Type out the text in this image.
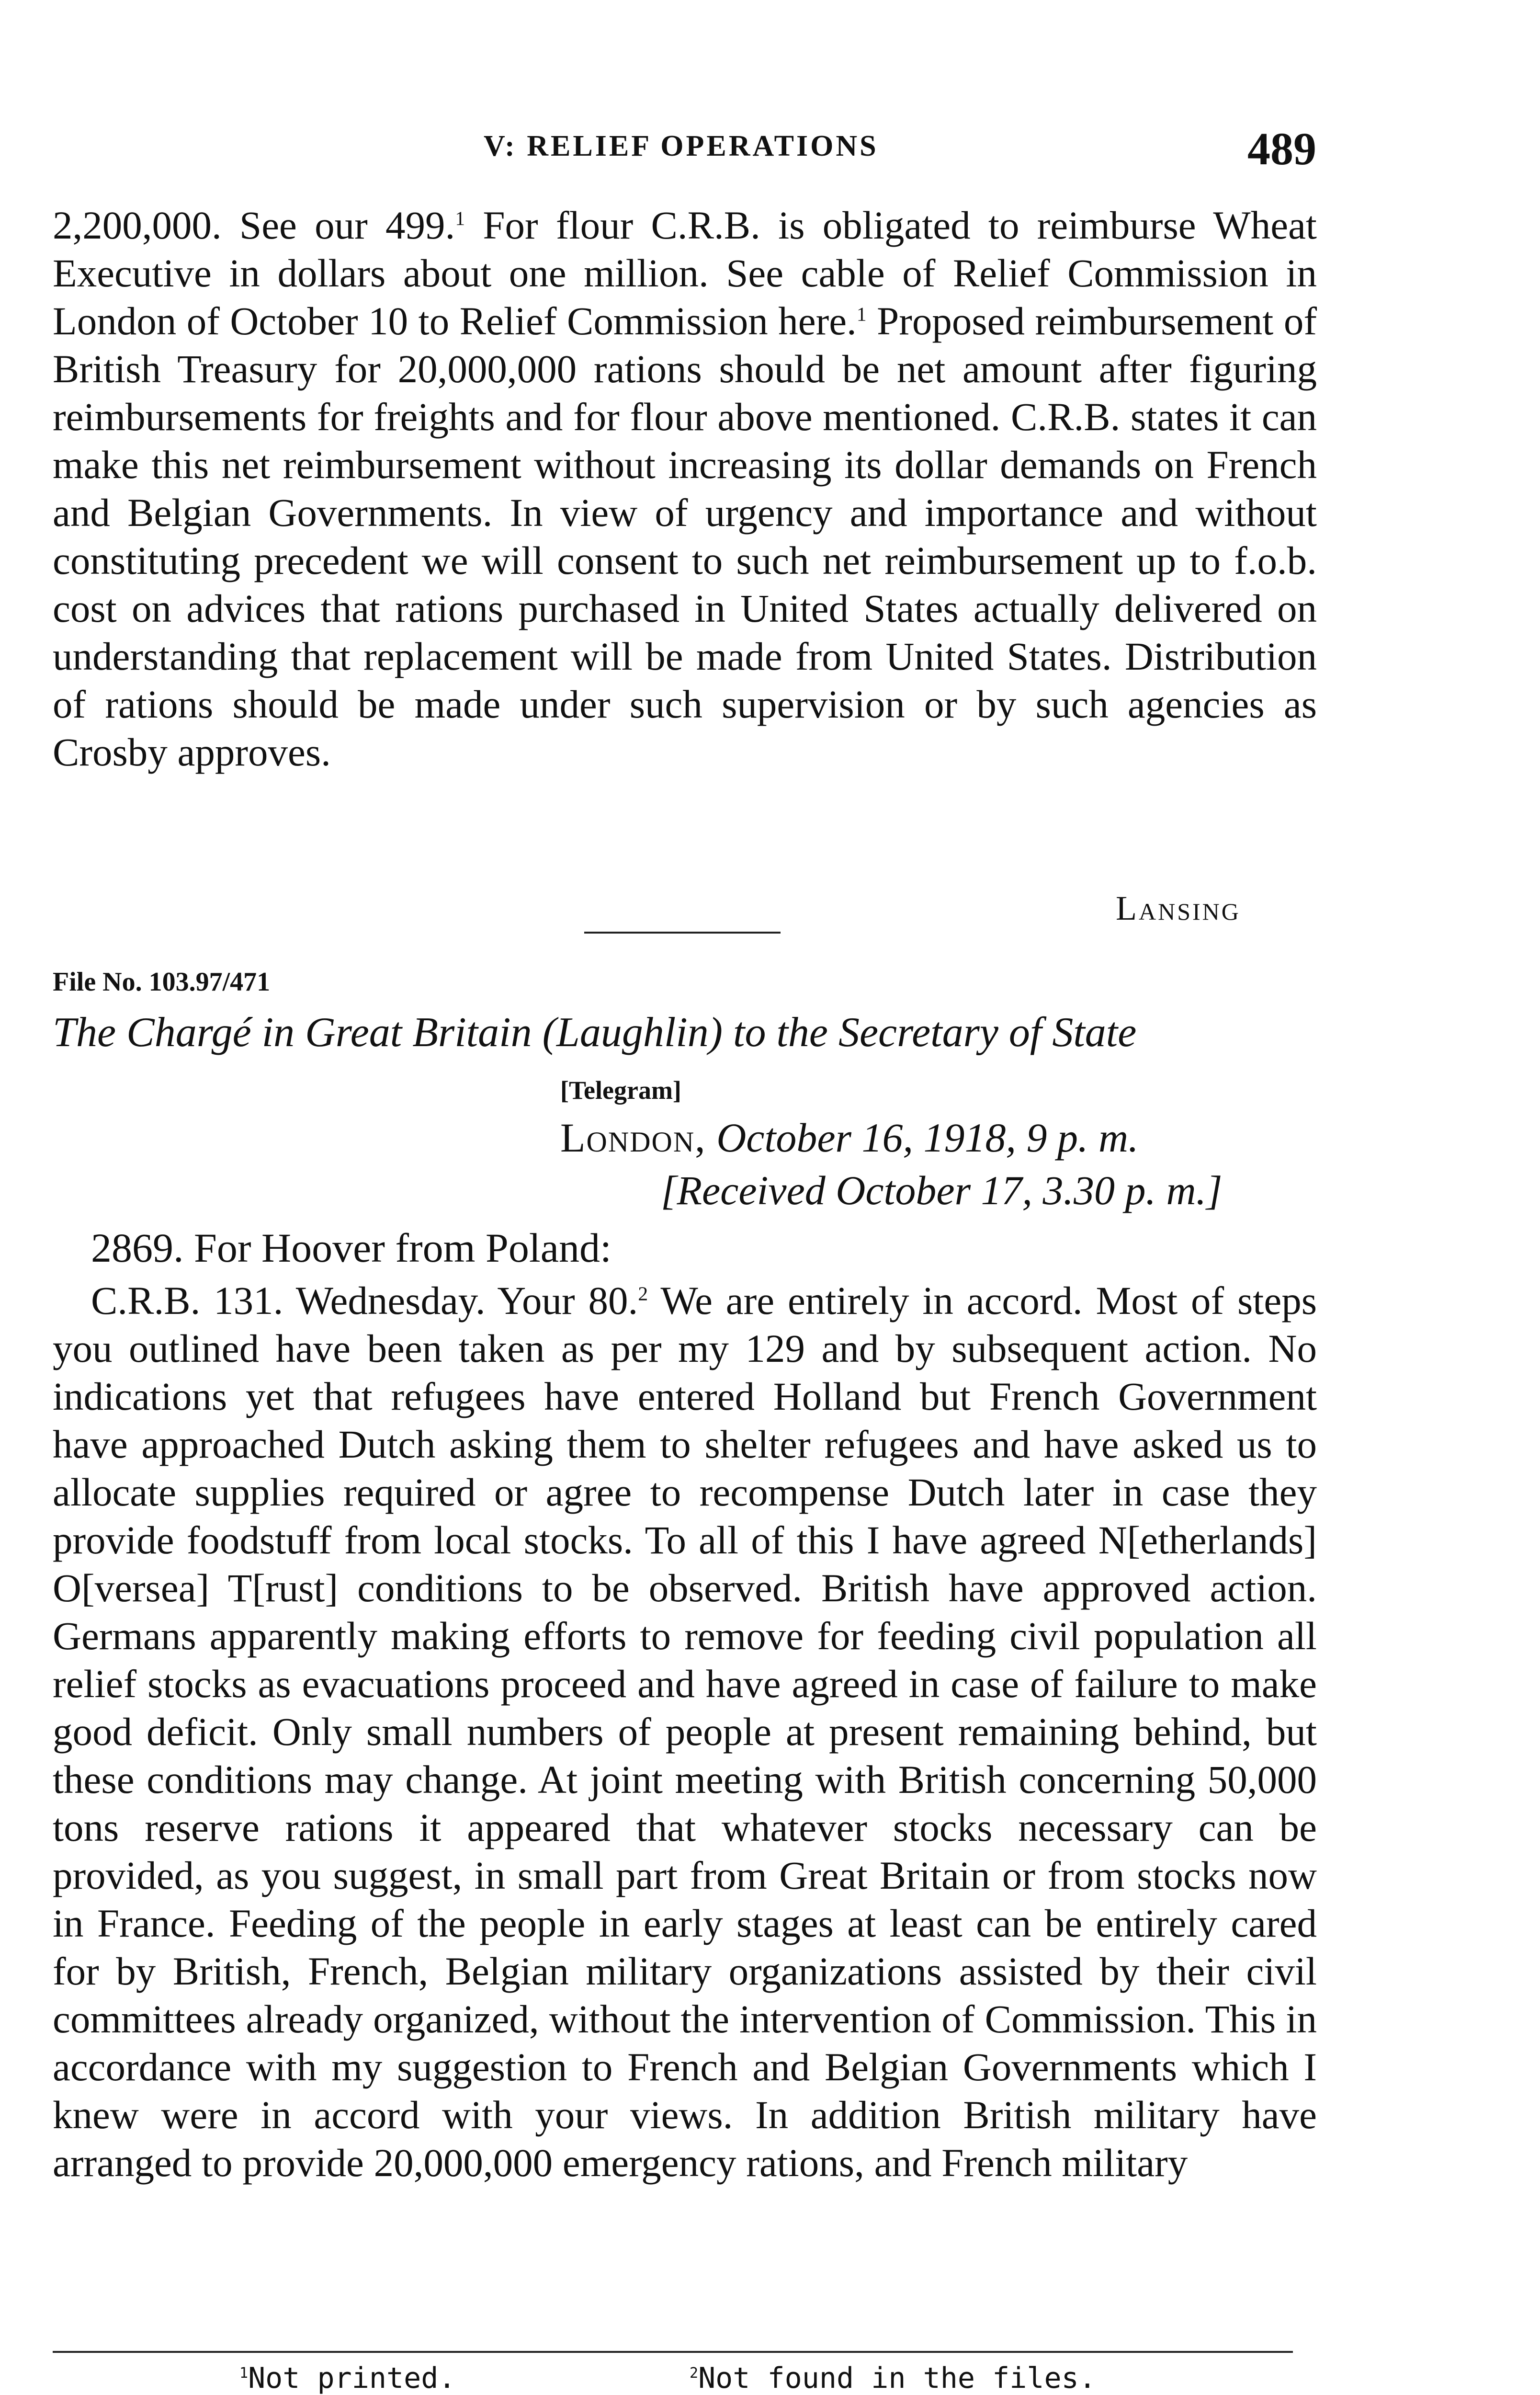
V: RELIEF OPERATIONS	489

2,200,000. See our 499.$^1$ For flour C.R.B. is obligated to reimburse Wheat Executive in dollars about one million. See cable of Relief Commission in London of October 10 to Relief Commission here.$^1$ Proposed reimbursement of British Treasury for 20,000,000 rations should be net amount after figuring reimbursements for freights and for flour above mentioned. C.R.B. states it can make this net reimbursement without increasing its dollar demands on French and Belgian Governments. In view of urgency and importance and without constituting precedent we will consent to such net reimbursement up to f.o.b. cost on advices that rations purchased in United States actually delivered on understanding that replacement will be made from United States. Distribution of rations should be made under such supervision or by such agencies as Crosby approves.

Lansing
File No. 103.97/471
The Chargé in Great Britain (Laughlin) to the Secretary of State
[Telegram]
London, October 16, 1918, 9 p. m.
[Received October 17, 3.30 p. m.]
2869. For Hoover from Poland:

C.R.B. 131. Wednesday. Your 80.$^2$ We are entirely in accord. Most of steps you outlined have been taken as per my 129 and by subsequent action. No indications yet that refugees have entered Holland but French Government have approached Dutch asking them to shelter refugees and have asked us to allocate supplies required or agree to recompense Dutch later in case they provide foodstuff from local stocks. To all of this I have agreed N[etherlands] O[versea] T[rust] conditions to be observed. British have approved action. Germans apparently making efforts to remove for feeding civil population all relief stocks as evacuations proceed and have agreed in case of failure to make good deficit. Only small numbers of people at present remaining behind, but these conditions may change. At joint meeting with British concerning 50,000 tons reserve rations it appeared that whatever stocks necessary can be provided, as you suggest, in small part from Great Britain or from stocks now in France. Feeding of the people in early stages at least can be entirely cared for by British, French, Belgian military organizations assisted by their civil committees already organized, without the intervention of Commission. This in accordance with my suggestion to French and Belgian Governments which I knew were in accord with your views. In addition British military have arranged to provide 20,000,000 emergency rations, and French military

$^1$Not printed.	$^2$Not found in the files.
